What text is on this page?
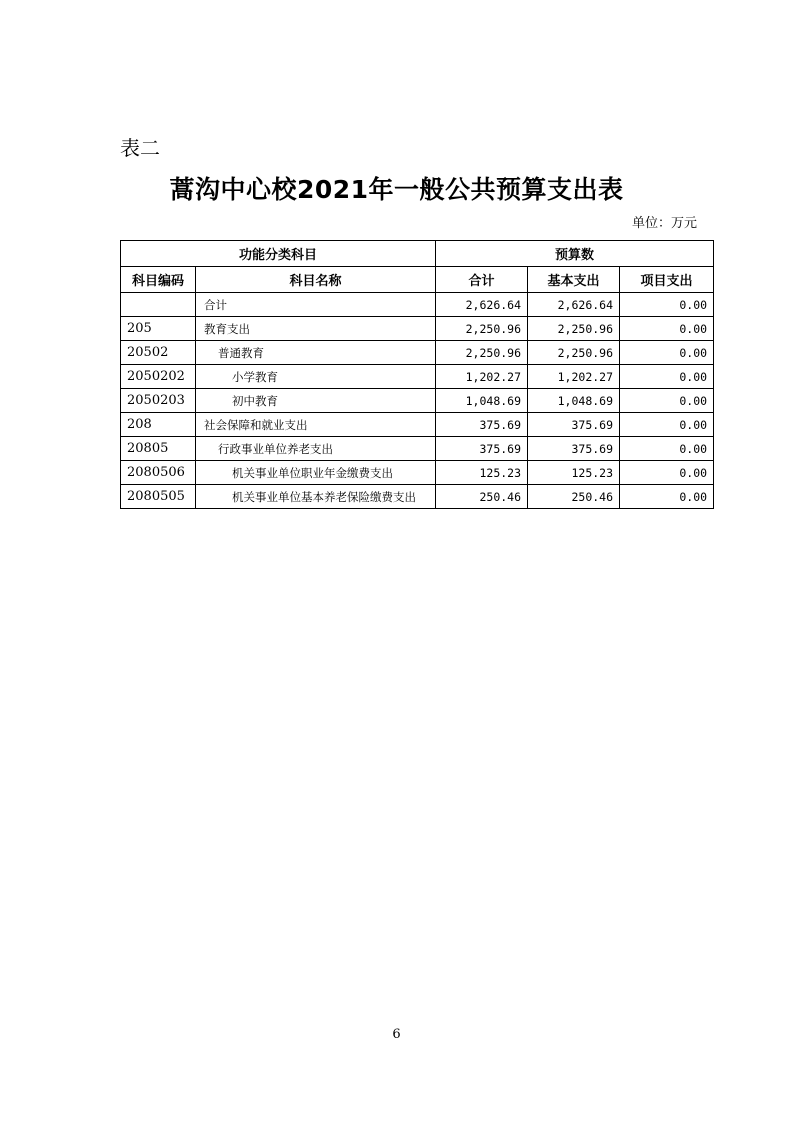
表二
蒿沟中心校2021年一般公共预算支出表
单位：万元
功能分类科目		预算数		
科目编码	科目名称	合计	基本支出	项目支出
	合计	2,626.64	2,626.64	0.00
205	教育支出	2,250.96	2,250.96	0.00
20502	普通教育	2,250.96	2,250.96	0.00
2050202	小学教育	1,202.27	1,202.27	0.00
2050203	初中教育	1,048.69	1,048.69	0.00
208	社会保障和就业支出	375.69	375.69	0.00
20805	行政事业单位养老支出	375.69	375.69	0.00
2080506	机关事业单位职业年金缴费支出	125.23	125.23	0.00
2080505	机关事业单位基本养老保险缴费支出	250.46	250.46	0.00
6
